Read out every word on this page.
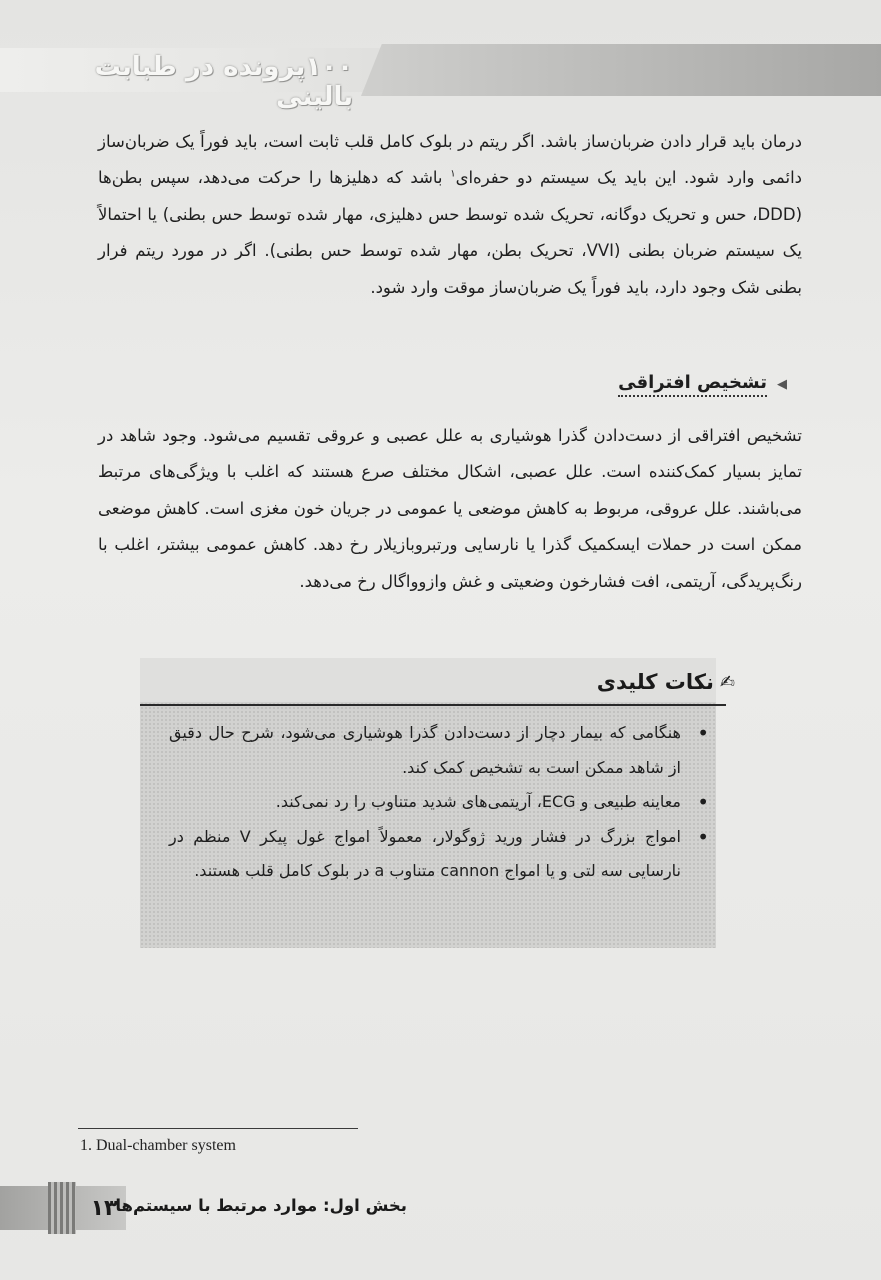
۱۰۰پرونده در طبابت بالینی
درمان باید قرار دادن ضربان‌ساز باشد. اگر ریتم در بلوک کامل قلب ثابت است، باید فوراً یک ضربان‌ساز دائمی وارد شود. این باید یک سیستم دو حفره‌ای$^۱$ باشد که دهلیزها را حرکت می‌دهد، سپس بطن‌ها (DDD، حس و تحریک دوگانه، تحریک شده توسط حس دهلیزی، مهار شده توسط حس بطنی) یا احتمالاً یک سیستم ضربان بطنی (VVI، تحریک بطن، مهار شده توسط حس بطنی). اگر در مورد ریتم فرار بطنی شک وجود دارد، باید فوراً یک ضربان‌ساز موقت وارد شود.
◀
تشخیص افتراقی
تشخیص افتراقی از دست‌دادن گذرا هوشیاری به علل عصبی و عروقی تقسیم می‌شود. وجود شاهد در تمایز بسیار کمک‌کننده است. علل عصبی، اشکال مختلف صرع هستند که اغلب با ویژگی‌های مرتبط می‌باشند. علل عروقی، مربوط به کاهش موضعی یا عمومی در جریان خون مغزی است. کاهش موضعی ممکن است در حملات ایسکمیک گذرا یا نارسایی ورتبروبازیلار رخ دهد. کاهش عمومی بیشتر، اغلب با رنگ‌پریدگی، آریتمی، افت فشارخون وضعیتی و غش وازوواگال رخ می‌دهد.
✍
نکات کلیدی
• هنگامی که بیمار دچار از دست‌دادن گذرا هوشیاری می‌شود، شرح حال دقیق از شاهد ممکن است به تشخیص کمک کند.
• معاینه طبیعی و ECG، آریتمی‌های شدید متناوب را رد نمی‌کند.
• امواج بزرگ در فشار ورید ژوگولار، معمولاً امواج غول پیکر V منظم در نارسایی سه لتی و یا امواج cannon متناوب a در بلوک کامل قلب هستند.
1. Dual-chamber system
۱۳
بخش اول: موارد مرتبط با سیستم‌ها
